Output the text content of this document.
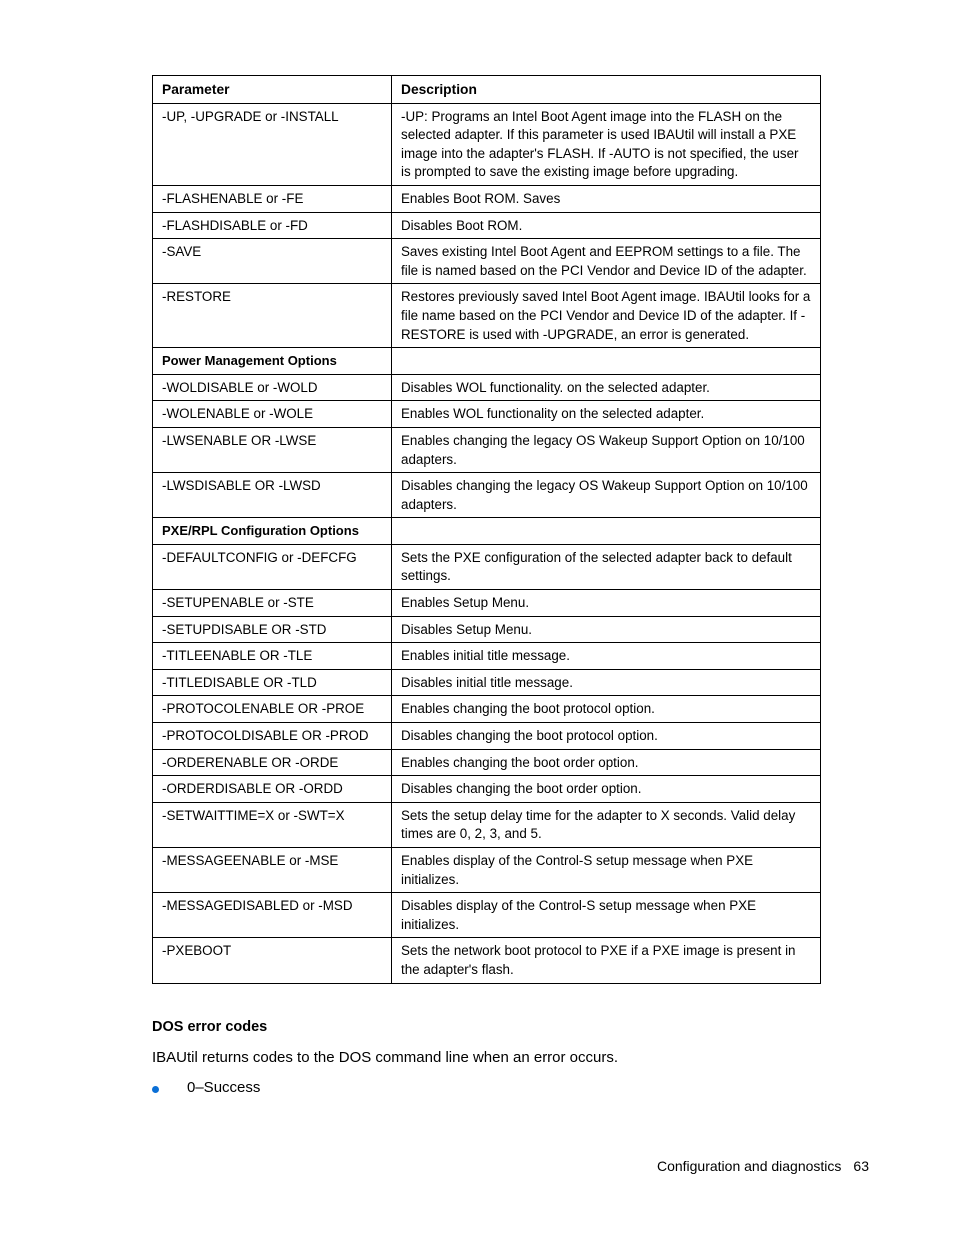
Parameter	Description
-UP, -UPGRADE or -INSTALL	-UP: Programs an Intel Boot Agent image into the FLASH on the selected adapter. If this parameter is used IBAUtil will install a PXE image into the adapter's FLASH. If -AUTO is not specified, the user is prompted to save the existing image before upgrading.
-FLASHENABLE or -FE	Enables Boot ROM. Saves
-FLASHDISABLE or -FD	Disables Boot ROM.
-SAVE	Saves existing Intel Boot Agent and EEPROM settings to a file. The file is named based on the PCI Vendor and Device ID of the adapter.
-RESTORE	Restores previously saved Intel Boot Agent image. IBAUtil looks for a file name based on the PCI Vendor and Device ID of the adapter. If -RESTORE is used with -UPGRADE, an error is generated.
Power Management Options	
-WOLDISABLE or -WOLD	Disables WOL functionality. on the selected adapter.
-WOLENABLE or -WOLE	Enables WOL functionality on the selected adapter.
-LWSENABLE OR -LWSE	Enables changing the legacy OS Wakeup Support Option on 10/100 adapters.
-LWSDISABLE OR -LWSD	Disables changing the legacy OS Wakeup Support Option on 10/100 adapters.
PXE/RPL Configuration Options	
-DEFAULTCONFIG or -DEFCFG	Sets the PXE configuration of the selected adapter back to default settings.
-SETUPENABLE or -STE	Enables Setup Menu.
-SETUPDISABLE OR -STD	Disables Setup Menu.
-TITLEENABLE OR -TLE	Enables initial title message.
-TITLEDISABLE OR -TLD	Disables initial title message.
-PROTOCOLENABLE OR -PROE	Enables changing the boot protocol option.
-PROTOCOLDISABLE OR -PROD	Disables changing the boot protocol option.
-ORDERENABLE OR -ORDE	Enables changing the boot order option.
-ORDERDISABLE OR -ORDD	Disables changing the boot order option.
-SETWAITTIME=X or -SWT=X	Sets the setup delay time for the adapter to X seconds. Valid delay times are 0, 2, 3, and 5.
-MESSAGEENABLE or -MSE	Enables display of the Control-S setup message when PXE initializes.
-MESSAGEDISABLED or -MSD	Disables display of the Control-S setup message when PXE initializes.
-PXEBOOT	Sets the network boot protocol to PXE if a PXE image is present in the adapter's flash.
DOS error codes

IBAUtil returns codes to the DOS command line when an error occurs.

0–Success
Configuration and diagnostics 63
